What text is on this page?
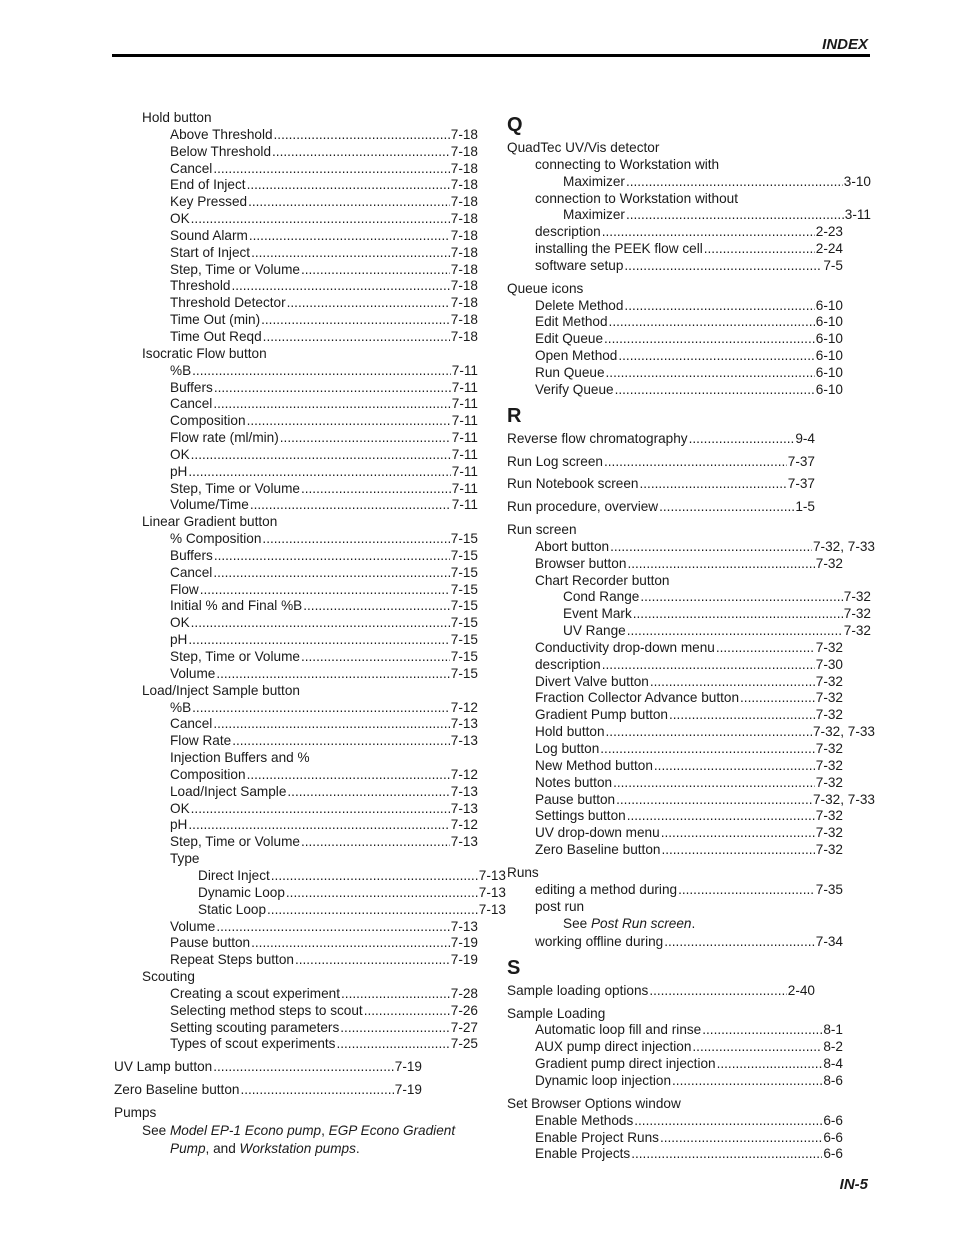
INDEX
Hold button
Above Threshold .....	7-18
Below Threshold .....	7-18
Cancel .....	7-18
End of Inject .....	7-18
Key Pressed .....	7-18
OK .....	7-18
Sound Alarm .....	7-18
Start of Inject .....	7-18
Step, Time or Volume .....	7-18
Threshold .....	7-18
Threshold Detector .....	7-18
Time Out (min) .....	7-18
Time Out Reqd .....	7-18
Isocratic Flow button
%B .....	7-11
Buffers .....	7-11
Cancel .....	7-11
Composition .....	7-11
Flow rate (ml/min) .....	7-11
OK .....	7-11
pH .....	7-11
Step, Time or Volume .....	7-11
Volume/Time .....	7-11
Linear Gradient button
% Composition .....	7-15
Buffers .....	7-15
Cancel .....	7-15
Flow .....	7-15
Initial % and Final %B .....	7-15
OK .....	7-15
pH .....	7-15
Step, Time or Volume .....	7-15
Volume .....	7-15
Load/Inject Sample button
%B .....	7-12
Cancel .....	7-13
Flow Rate .....	7-13
Injection Buffers and %
Composition .....	7-12
Load/Inject Sample .....	7-13
OK .....	7-13
pH .....	7-12
Step, Time or Volume .....	7-13
Type
Direct Inject .....	7-13
Dynamic Loop .....	7-13
Static Loop .....	7-13
Volume .....	7-13
Pause button .....	7-19
Repeat Steps button .....	7-19
Scouting
Creating a scout experiment .....	7-28
Selecting method steps to scout .....	7-26
Setting scouting parameters .....	7-27
Types of scout experiments .....	7-25
UV Lamp button .....	7-19
Zero Baseline button .....	7-19
Pumps
See Model EP-1 Econo pump, EGP Econo Gradient
Pump, and Workstation pumps.
Q
QuadTec UV/Vis detector
connecting to Workstation with
Maximizer .....	3-10
connection to Workstation without
Maximizer .....	3-11
description .....	2-23
installing the PEEK flow cell .....	2-24
software setup .....	7-5
Queue icons
Delete Method .....	6-10
Edit Method .....	6-10
Edit Queue .....	6-10
Open Method .....	6-10
Run Queue .....	6-10
Verify Queue .....	6-10
R
Reverse flow chromatography .....	9-4
Run Log screen .....	7-37
Run Notebook screen .....	7-37
Run procedure, overview .....	1-5
Run screen
Abort button .....	7-32, 7-33
Browser button .....	7-32
Chart Recorder button
Cond Range .....	7-32
Event Mark .....	7-32
UV Range .....	7-32
Conductivity drop-down menu .....	7-32
description .....	7-30
Divert Valve button .....	7-32
Fraction Collector Advance button .....	7-32
Gradient Pump button .....	7-32
Hold button .....	7-32, 7-33
Log button .....	7-32
New Method button .....	7-32
Notes button .....	7-32
Pause button .....	7-32, 7-33
Settings button .....	7-32
UV drop-down menu .....	7-32
Zero Baseline button .....	7-32
Runs
editing a method during .....	7-35
post run
See Post Run screen.
working offline during .....	7-34
S
Sample loading options .....	2-40
Sample Loading
Automatic loop fill and rinse .....	8-1
AUX pump direct injection .....	8-2
Gradient pump direct injection .....	8-4
Dynamic loop injection .....	8-6
Set Browser Options window
Enable Methods .....	6-6
Enable Project Runs .....	6-6
Enable Projects .....	6-6
IN-5
